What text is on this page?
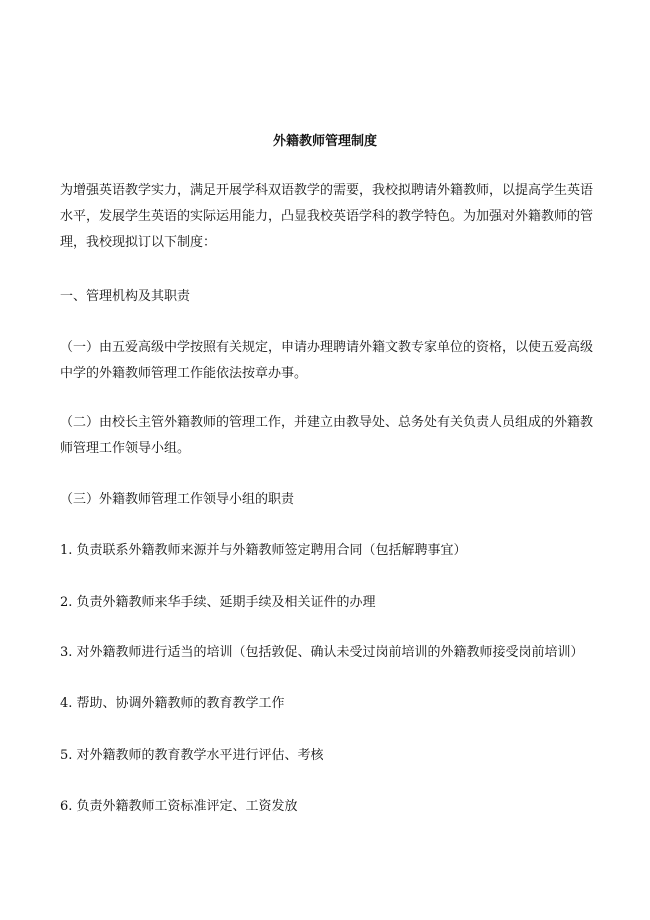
外籍教师管理制度
为增强英语教学实力，满足开展学科双语教学的需要，我校拟聘请外籍教师，以提高学生英语
水平，发展学生英语的实际运用能力，凸显我校英语学科的教学特色。为加强对外籍教师的管
理，我校现拟订以下制度：
一、管理机构及其职责
（一）由五爱高级中学按照有关规定，申请办理聘请外籍文教专家单位的资格，以使五爱高级
中学的外籍教师管理工作能依法按章办事。
（二）由校长主管外籍教师的管理工作，并建立由教导处、总务处有关负责人员组成的外籍教
师管理工作领导小组。
（三）外籍教师管理工作领导小组的职责
1. 负责联系外籍教师来源并与外籍教师签定聘用合同（包括解聘事宜）
2. 负责外籍教师来华手续、延期手续及相关证件的办理
3. 对外籍教师进行适当的培训（包括敦促、确认未受过岗前培训的外籍教师接受岗前培训）
4. 帮助、协调外籍教师的教育教学工作
5. 对外籍教师的教育教学水平进行评估、考核
6. 负责外籍教师工资标准评定、工资发放
